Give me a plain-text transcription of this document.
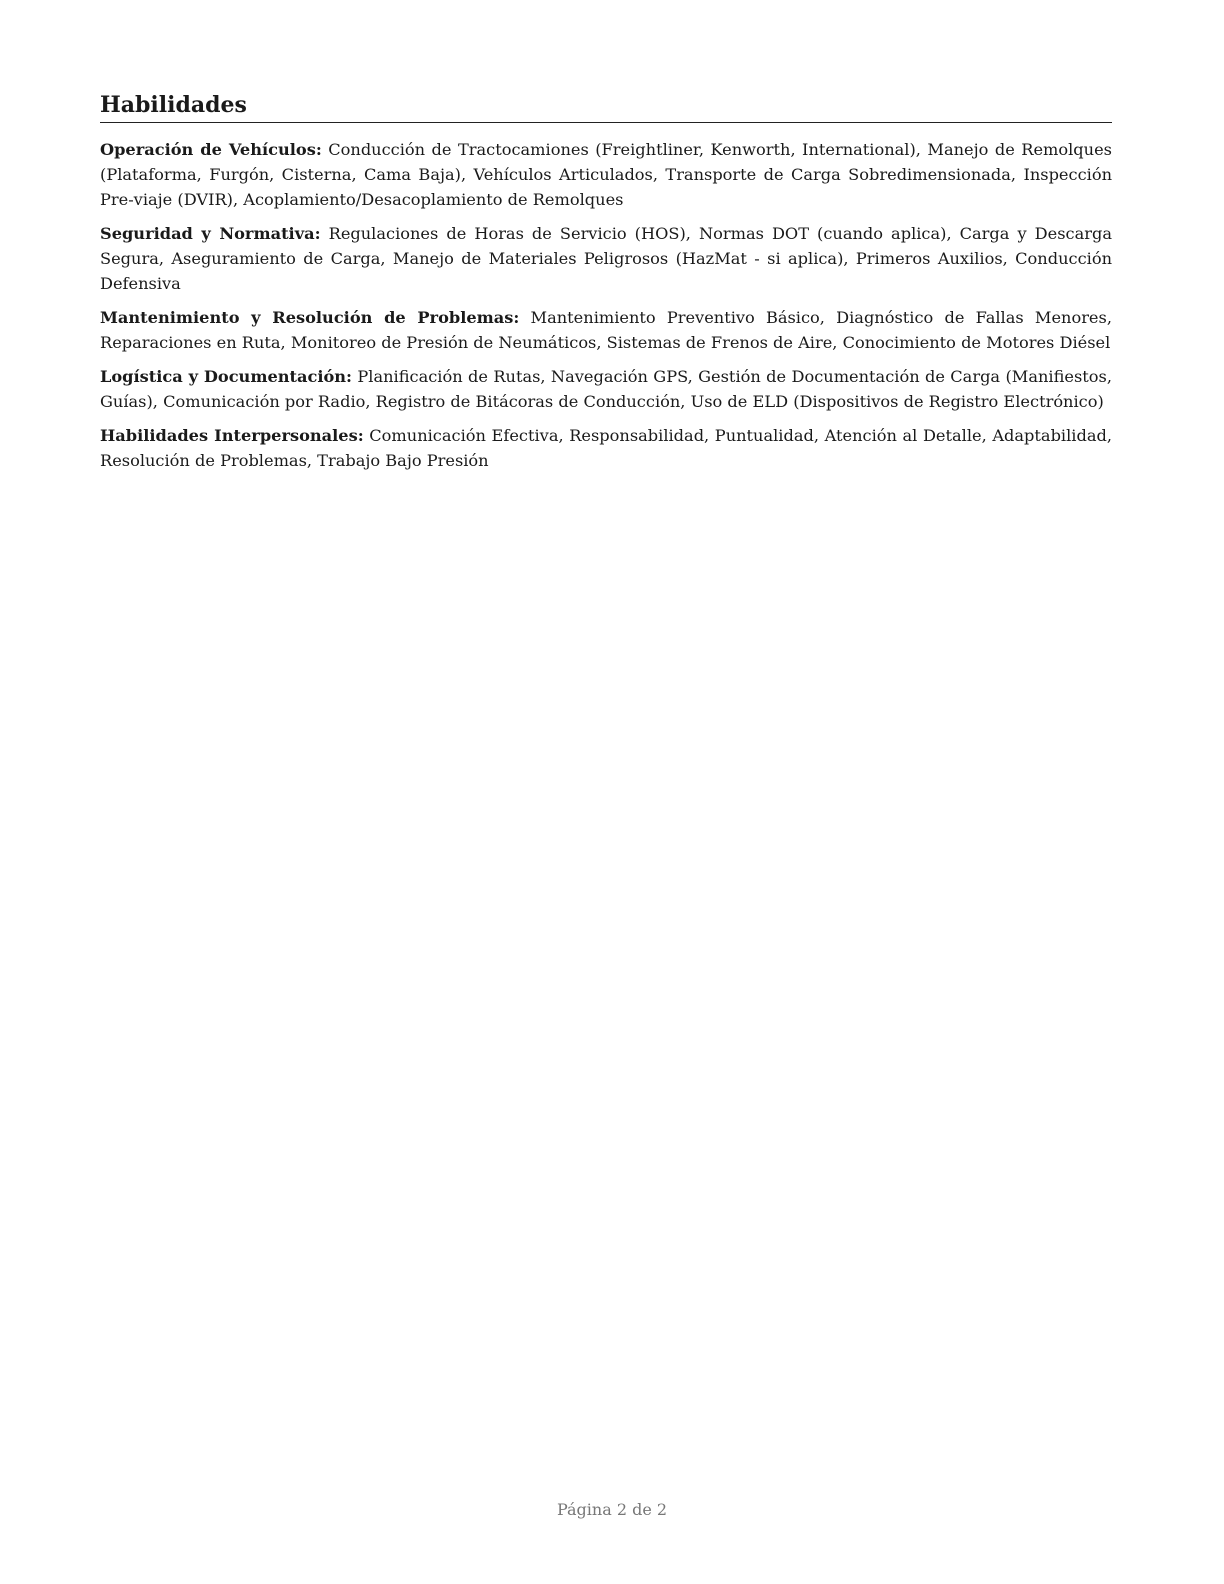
Habilidades

Operación de Vehículos: Conducción de Tractocamiones (Freightliner, Kenworth, International), Manejo de Remolques (Plataforma, Furgón, Cisterna, Cama Baja), Vehículos Articulados, Transporte de Carga Sobredimensionada, Inspección Pre-viaje (DVIR), Acoplamiento/Desacoplamiento de Remolques

Seguridad y Normativa: Regulaciones de Horas de Servicio (HOS), Normas DOT (cuando aplica), Carga y Descarga Segura, Aseguramiento de Carga, Manejo de Materiales Peligrosos (HazMat - si aplica), Primeros Auxilios, Conducción Defensiva

Mantenimiento y Resolución de Problemas: Mantenimiento Preventivo Básico, Diagnóstico de Fallas Menores, Reparaciones en Ruta, Monitoreo de Presión de Neumáticos, Sistemas de Frenos de Aire, Conocimiento de Motores Diésel

Logística y Documentación: Planificación de Rutas, Navegación GPS, Gestión de Documentación de Carga (Manifiestos, Guías), Comunicación por Radio, Registro de Bitácoras de Conducción, Uso de ELD (Dispositivos de Registro Electrónico)

Habilidades Interpersonales: Comunicación Efectiva, Responsabilidad, Puntualidad, Atención al Detalle, Adaptabilidad, Resolución de Problemas, Trabajo Bajo Presión

Página 2 de 2
